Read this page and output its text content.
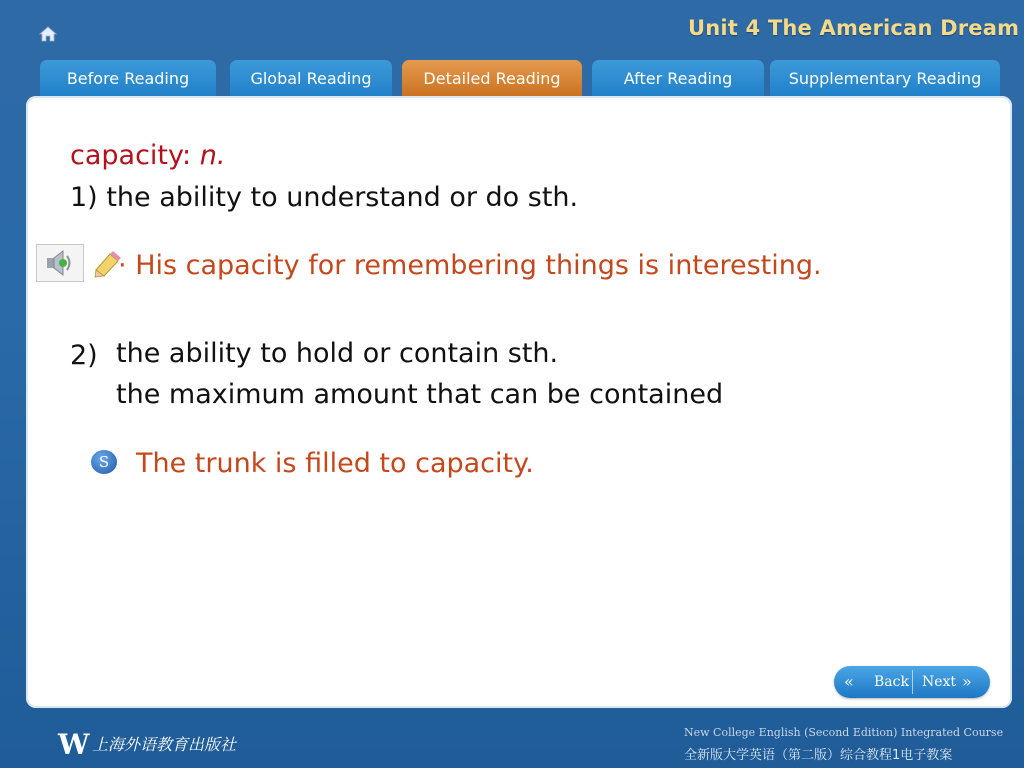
Unit 4 The American Dream
Before Reading	Global Reading	Detailed Reading	After Reading	Supplementary Reading
capacity: n.
1) the ability to understand or do sth.
· His capacity for remembering things is interesting.
2) the ability to hold or contain sth.
the maximum amount that can be contained
S The trunk is filled to capacity.
« Back Next »
W 上海外语教育出版社
New College English (Second Edition) Integrated Course
全新版大学英语（第二版）综合教程1电子教案
